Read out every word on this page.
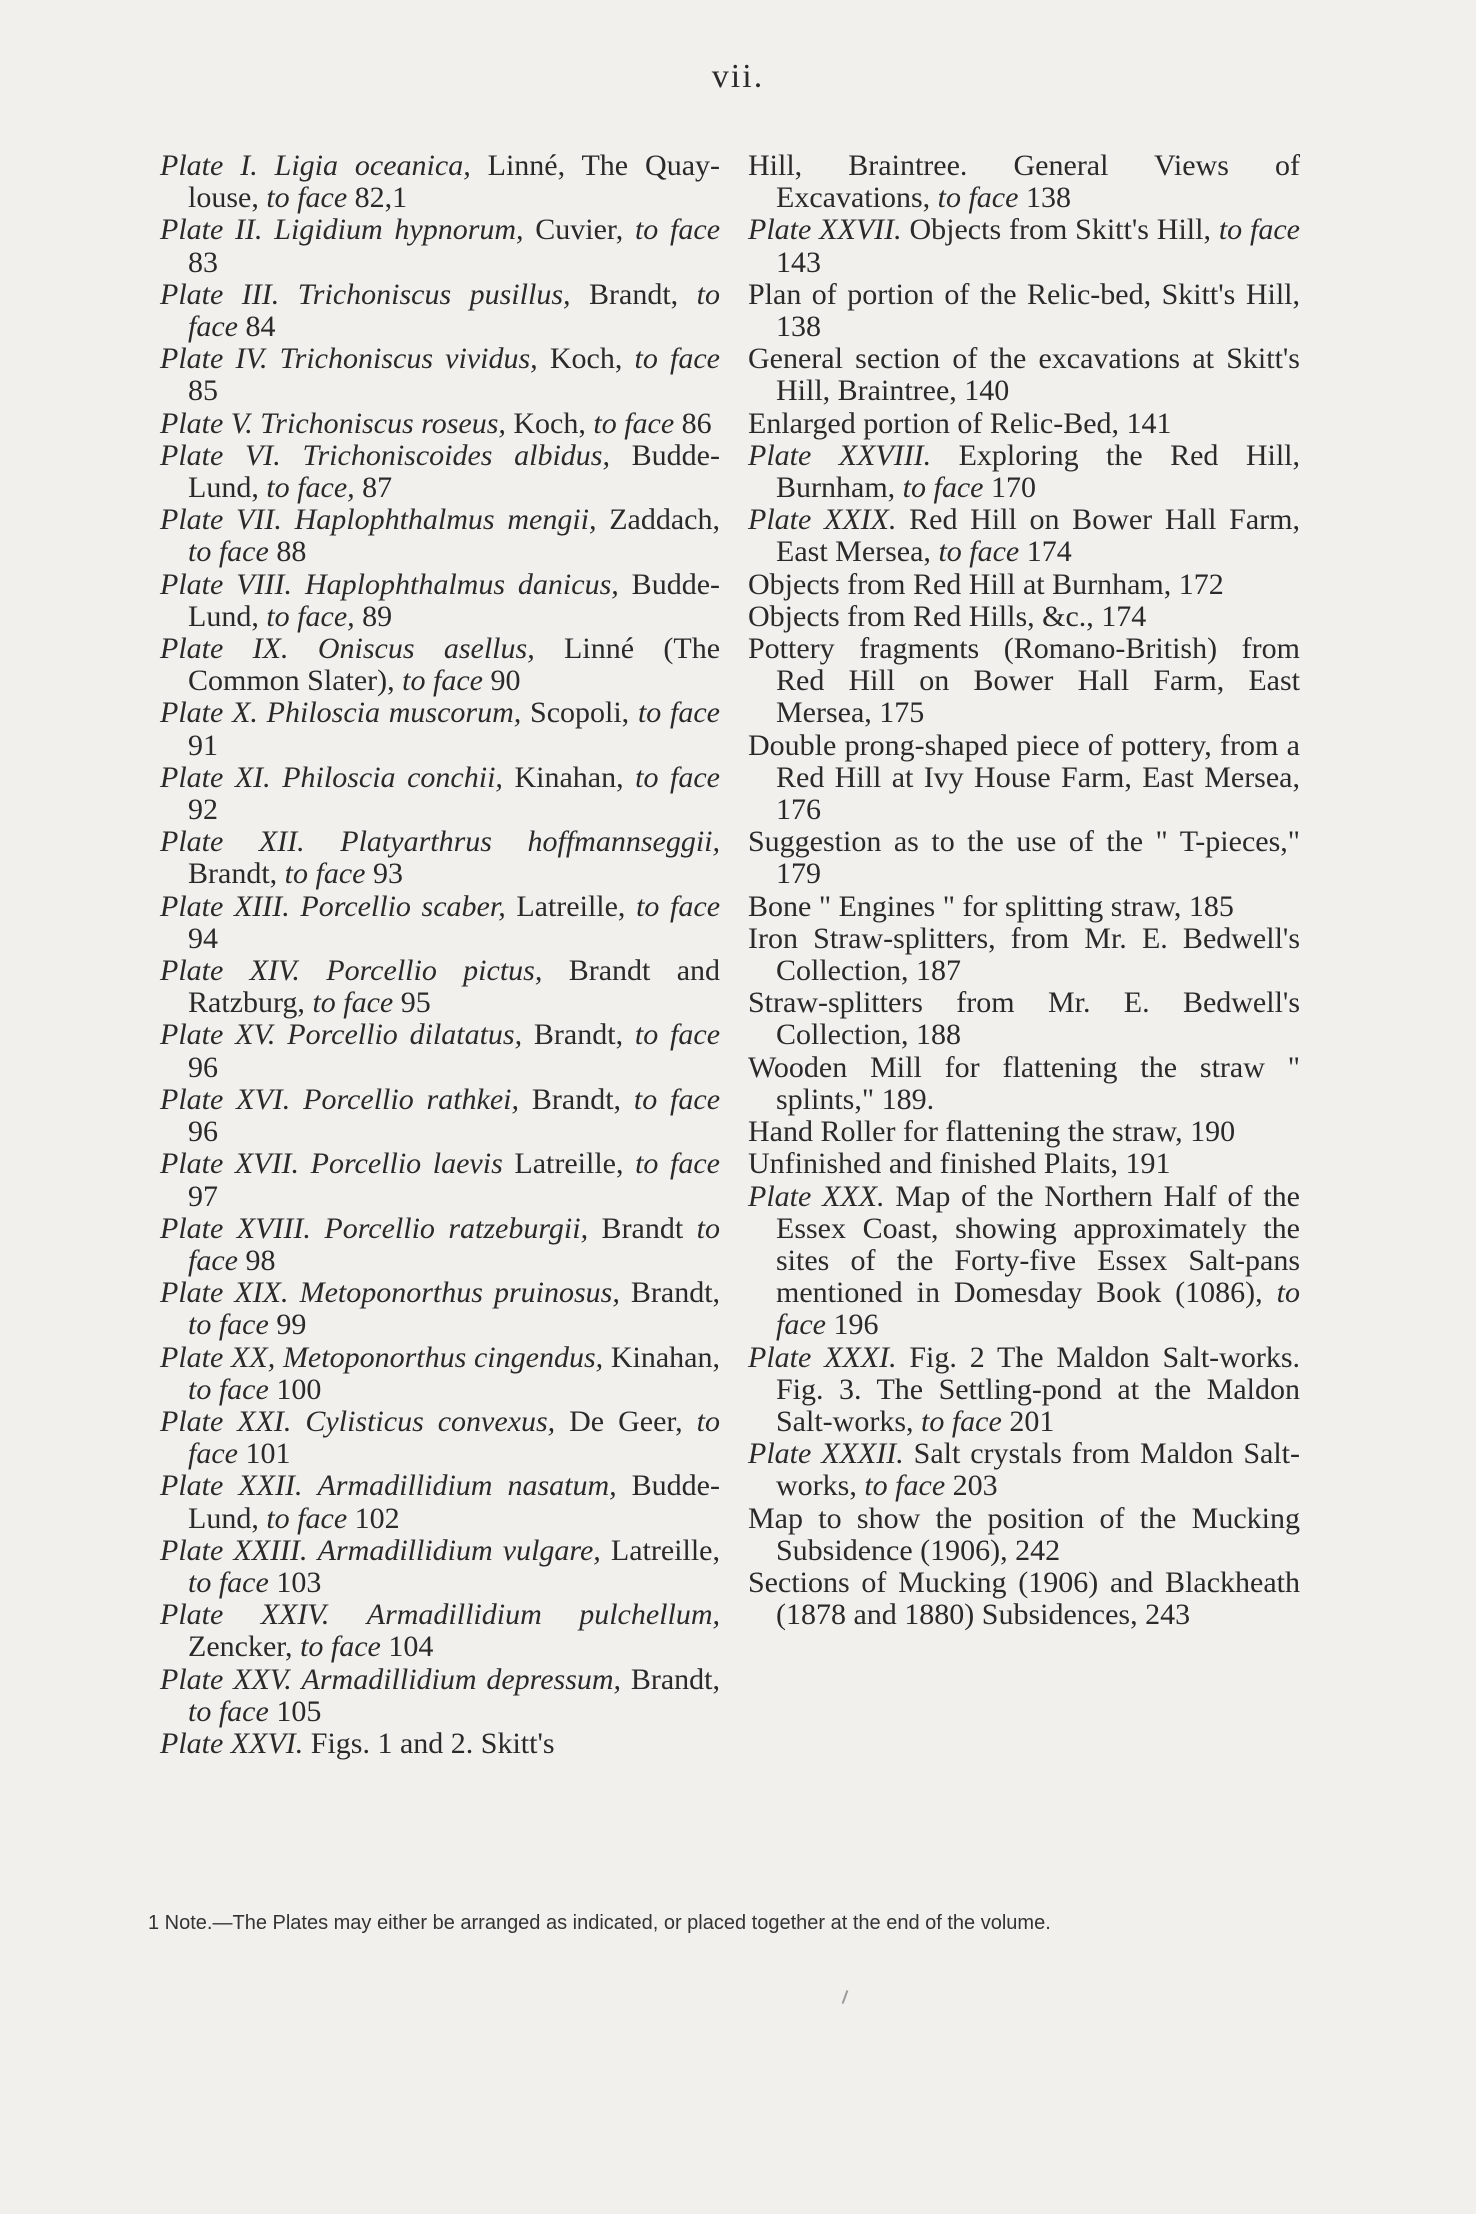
vii.
Plate I. Ligia oceanica, Linné, The Quay-louse, to face 82,1
Plate II. Ligidium hypnorum, Cuvier, to face 83
Plate III. Trichoniscus pusillus, Brandt, to face 84
Plate IV. Trichoniscus vividus, Koch, to face 85
Plate V. Trichoniscus roseus, Koch, to face 86
Plate VI. Trichoniscoides albidus, Budde-Lund, to face, 87
Plate VII. Haplophthalmus mengii, Zaddach, to face 88
Plate VIII. Haplophthalmus danicus, Budde-Lund, to face, 89
Plate IX. Oniscus asellus, Linné (The Common Slater), to face 90
Plate X. Philoscia muscorum, Scopoli, to face 91
Plate XI. Philoscia conchii, Kinahan, to face 92
Plate XII. Platyarthrus hoffmannseggii, Brandt, to face 93
Plate XIII. Porcellio scaber, Latreille, to face 94
Plate XIV. Porcellio pictus, Brandt and Ratzburg, to face 95
Plate XV. Porcellio dilatatus, Brandt, to face 96
Plate XVI. Porcellio rathkei, Brandt, to face 96
Plate XVII. Porcellio laevis Latreille, to face 97
Plate XVIII. Porcellio ratzeburgii, Brandt to face 98
Plate XIX. Metoponorthus pruinosus, Brandt, to face 99
Plate XX, Metoponorthus cingendus, Kinahan, to face 100
Plate XXI. Cylisticus convexus, De Geer, to face 101
Plate XXII. Armadillidium nasatum, Budde-Lund, to face 102
Plate XXIII. Armadillidium vulgare, Latreille, to face 103
Plate XXIV. Armadillidium pulchellum, Zencker, to face 104
Plate XXV. Armadillidium depressum, Brandt, to face 105
Plate XXVI. Figs. 1 and 2. Skitt's
Hill, Braintree. General Views of Excavations, to face 138
Plate XXVII. Objects from Skitt's Hill, to face 143
Plan of portion of the Relic-bed, Skitt's Hill, 138
General section of the excavations at Skitt's Hill, Braintree, 140
Enlarged portion of Relic-Bed, 141
Plate XXVIII. Exploring the Red Hill, Burnham, to face 170
Plate XXIX. Red Hill on Bower Hall Farm, East Mersea, to face 174
Objects from Red Hill at Burnham, 172
Objects from Red Hills, &c., 174
Pottery fragments (Romano-British) from Red Hill on Bower Hall Farm, East Mersea, 175
Double prong-shaped piece of pottery, from a Red Hill at Ivy House Farm, East Mersea, 176
Suggestion as to the use of the " T-pieces," 179
Bone " Engines " for splitting straw, 185
Iron Straw-splitters, from Mr. E. Bedwell's Collection, 187
Straw-splitters from Mr. E. Bedwell's Collection, 188
Wooden Mill for flattening the straw " splints," 189.
Hand Roller for flattening the straw, 190
Unfinished and finished Plaits, 191
Plate XXX. Map of the Northern Half of the Essex Coast, showing approximately the sites of the Forty-five Essex Salt-pans mentioned in Domesday Book (1086), to face 196
Plate XXXI. Fig. 2 The Maldon Salt-works. Fig. 3. The Settling-pond at the Maldon Salt-works, to face 201
Plate XXXII. Salt crystals from Maldon Salt-works, to face 203
Map to show the position of the Mucking Subsidence (1906), 242
Sections of Mucking (1906) and Blackheath (1878 and 1880) Subsidences, 243
1 Note.—The Plates may either be arranged as indicated, or placed together at the end of the volume.
